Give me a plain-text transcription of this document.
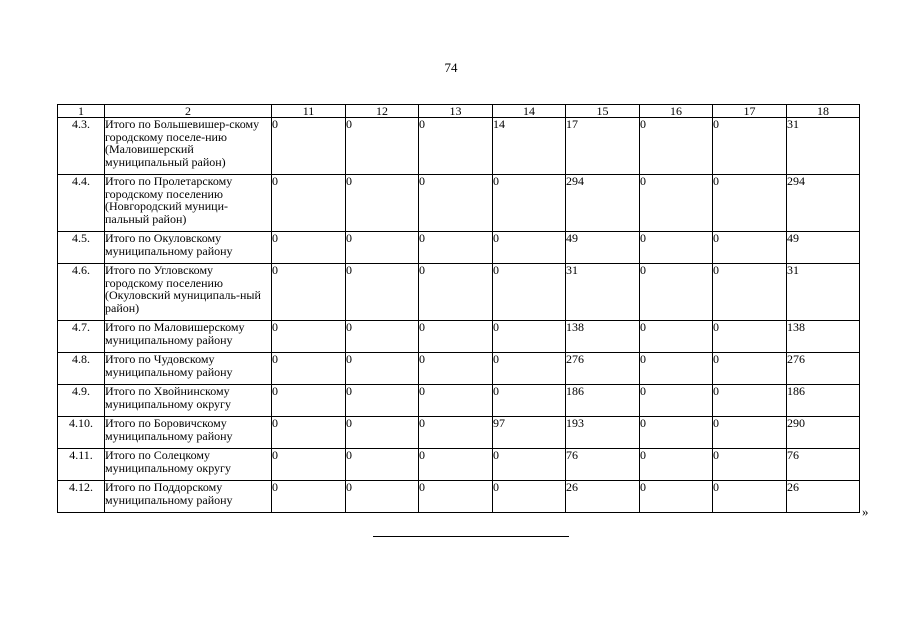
74
1	2	11	12	13	14	15	16	17	18
4.3.	Итого по Большевишер-скому городскому поселе-нию (Маловишерский муниципальный район)	0	0	0	14	17	0	0	31
4.4.	Итого по Пролетарскому городскому поселению (Новгородский муници-пальный район)	0	0	0	0	294	0	0	294
4.5.	Итого по Окуловскому муниципальному району	0	0	0	0	49	0	0	49
4.6.	Итого по Угловскому городскому поселению (Окуловский муниципаль-ный район)	0	0	0	0	31	0	0	31
4.7.	Итого по Маловишерскому муниципальному району	0	0	0	0	138	0	0	138
4.8.	Итого по Чудовскому муниципальному району	0	0	0	0	276	0	0	276
4.9.	Итого по Хвойнинскому муниципальному округу	0	0	0	0	186	0	0	186
4.10.	Итого по Боровичскому муниципальному району	0	0	0	97	193	0	0	290
4.11.	Итого по Солецкому муниципальному округу	0	0	0	0	76	0	0	76
4.12.	Итого по Поддорскому муниципальному району	0	0	0	0	26	0	0	26
»
